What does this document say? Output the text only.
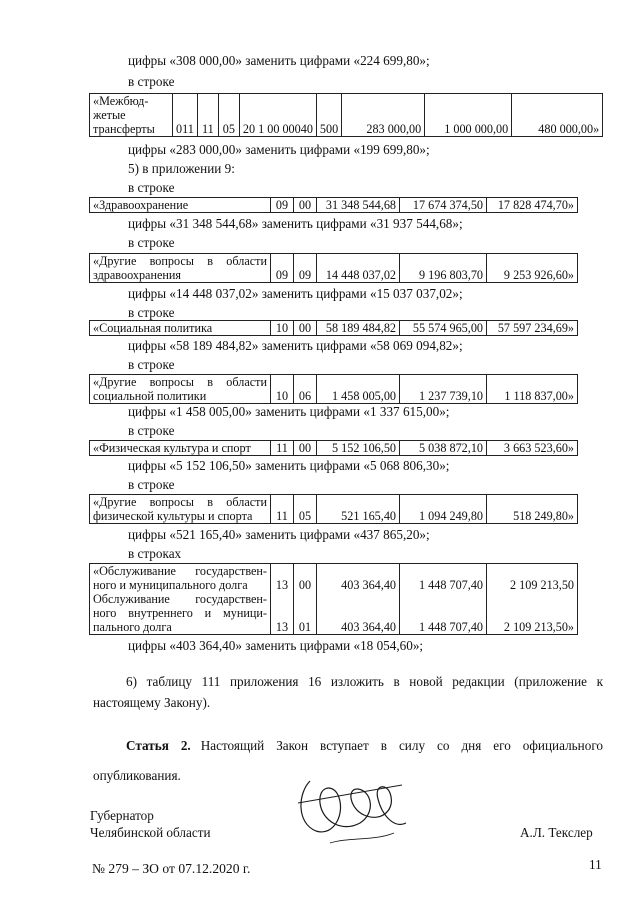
цифры «308 000,00» заменить цифрами «224 699,80»;
в строке
«Межбюд-
жетые
трансферты	011	11	05	20 1 00 00040	500	283 000,00	1 000 000,00	480 000,00»
цифры «283 000,00» заменить цифрами «199 699,80»;
5) в приложении 9:
в строке
«Здравоохранение	09	00	31 348 544,68	17 674 374,50	17 828 474,70»
цифры «31 348 544,68» заменить цифрами «31 937 544,68»;
в строке
«Другие вопросы в области
здравоохранения	09	09	14 448 037,02	9 196 803,70	9 253 926,60»
цифры «14 448 037,02» заменить цифрами «15 037 037,02»;
в строке
«Социальная политика	10	00	58 189 484,82	55 574 965,00	57 597 234,69»
цифры «58 189 484,82» заменить цифрами «58 069 094,82»;
в строке
«Другие вопросы в области
социальной политики	10	06	1 458 005,00	1 237 739,10	1 118 837,00»
цифры «1 458 005,00» заменить цифрами «1 337 615,00»;
в строке
«Физическая культура и спорт	11	00	5 152 106,50	5 038 872,10	3 663 523,60»
цифры «5 152 106,50» заменить цифрами «5 068 806,30»;
в строке
«Другие вопросы в области
физической культуры и спорта	11	05	521 165,40	1 094 249,80	518 249,80»
цифры «521 165,40» заменить цифрами «437 865,20»;
в строках
«Обслуживание государствен-
ного и муниципального долга	13	00	403 364,40	1 448 707,40	2 109 213,50

Обслуживание государствен-
ного внутреннего и муници-
пального долга	13	01	403 364,40	1 448 707,40	2 109 213,50»
цифры «403 364,40» заменить цифрами «18 054,60»;
6) таблицу 111 приложения 16 изложить в новой редакции (приложение к настоящему Закону).
Статья 2. Настоящий Закон вступает в силу со дня его официального опубликования.
Губернатор
Челябинской области	А.Л. Текслер
№ 279 – ЗО от 07.12.2020 г.	11
